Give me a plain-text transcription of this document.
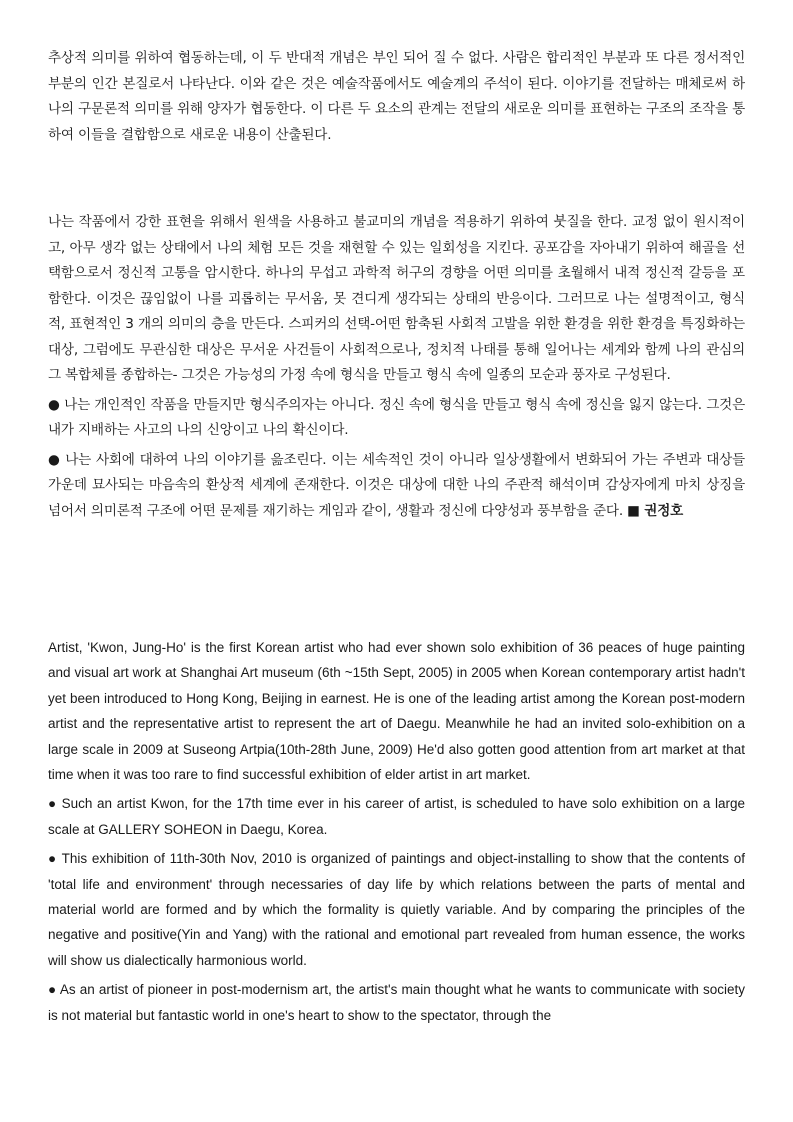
추상적 의미를 위하여 협동하는데, 이 두 반대적 개념은 부인 되어 질 수 없다. 사람은 합리적인 부분과 또 다른 정서적인 부분의 인간 본질로서 나타난다. 이와 같은 것은 예술작품에서도 예술계의 주석이 된다. 이야기를 전달하는 매체로써 하나의 구문론적 의미를 위해 양자가 협동한다. 이 다른 두 요소의 관계는 전달의 새로운 의미를 표현하는 구조의 조작을 통하여 이들을 결합함으로 새로운 내용이 산출된다.

나는 작품에서 강한 표현을 위해서 원색을 사용하고 불교미의 개념을 적용하기 위하여 붓질을 한다. 교정 없이 원시적이고, 아무 생각 없는 상태에서 나의 체험 모든 것을 재현할 수 있는 일회성을 지킨다. 공포감을 자아내기 위하여 해골을 선택함으로서 정신적 고통을 암시한다. 하나의 무섭고 과학적 허구의 경향을 어떤 의미를 초월해서 내적 정신적 갈등을 포함한다. 이것은 끊임없이 나를 괴롭히는 무서움, 못 견디게 생각되는 상태의 반응이다. 그러므로 나는 설명적이고, 형식적, 표현적인 3 개의 의미의 층을 만든다. 스피커의 선택-어떤 함축된 사회적 고발을 위한 환경을 위한 환경을 특징화하는 대상, 그럼에도 무관심한 대상은 무서운 사건들이 사회적으로나, 정치적 나태를 통해 일어나는 세계와 함께 나의 관심의 그 복합체를 종합하는- 그것은 가능성의 가정 속에 형식을 만들고 형식 속에 일종의 모순과 풍자로 구성된다.

● 나는 개인적인 작품을 만들지만 형식주의자는 아니다. 정신 속에 형식을 만들고 형식 속에 정신을 잃지 않는다. 그것은 내가 지배하는 사고의 나의 신앙이고 나의 확신이다.

● 나는 사회에 대하여 나의 이야기를 읊조린다. 이는 세속적인 것이 아니라 일상생활에서 변화되어 가는 주변과 대상들 가운데 묘사되는 마음속의 환상적 세계에 존재한다. 이것은 대상에 대한 나의 주관적 해석이며 감상자에게 마치 상징을 넘어서 의미론적 구조에 어떤 문제를 재기하는 게임과 같이, 생활과 정신에 다양성과 풍부함을 준다. ■ 권정호

Artist, 'Kwon, Jung-Ho' is the first Korean artist who had ever shown solo exhibition of 36 peaces of huge painting and visual art work at Shanghai Art museum (6th ~15th Sept, 2005) in 2005 when Korean contemporary artist hadn't yet been introduced to Hong Kong, Beijing in earnest. He is one of the leading artist among the Korean post-modern artist and the representative artist to represent the art of Daegu. Meanwhile he had an invited solo-exhibition on a large scale in 2009 at Suseong Artpia(10th-28th June, 2009) He'd also gotten good attention from art market at that time when it was too rare to find successful exhibition of elder artist in art market.

● Such an artist Kwon, for the 17th time ever in his career of artist, is scheduled to have solo exhibition on a large scale at GALLERY SOHEON in Daegu, Korea.

● This exhibition of 11th-30th Nov, 2010 is organized of paintings and object-installing to show that the contents of 'total life and environment' through necessaries of day life by which relations between the parts of mental and material world are formed and by which the formality is quietly variable. And by comparing the principles of the negative and positive(Yin and Yang) with the rational and emotional part revealed from human essence, the works will show us dialectically harmonious world.

● As an artist of pioneer in post-modernism art, the artist's main thought what he wants to communicate with society is not material but fantastic world in one's heart to show to the spectator, through the
